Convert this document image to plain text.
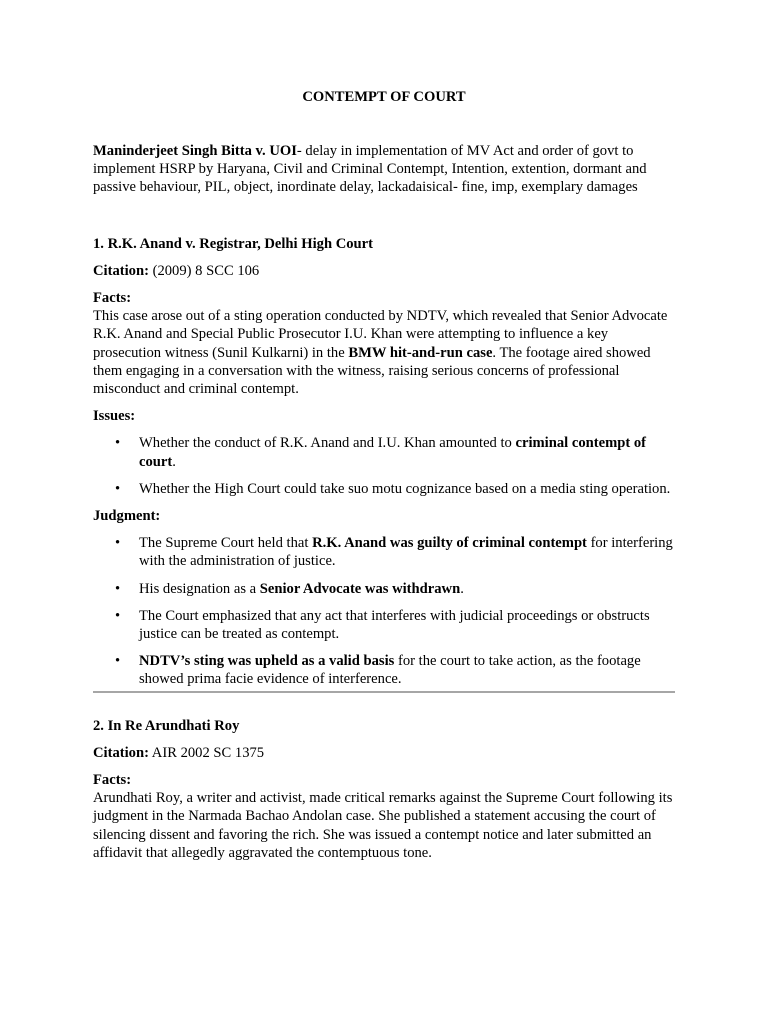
CONTEMPT OF COURT

Maninderjeet Singh Bitta v. UOI- delay in implementation of MV Act and order of govt to implement HSRP by Haryana, Civil and Criminal Contempt, Intention, extention, dormant and passive behaviour, PIL, object, inordinate delay, lackadaisical- fine, imp, exemplary damages

1. R.K. Anand v. Registrar, Delhi High Court

Citation: (2009) 8 SCC 106

Facts:

This case arose out of a sting operation conducted by NDTV, which revealed that Senior Advocate R.K. Anand and Special Public Prosecutor I.U. Khan were attempting to influence a key prosecution witness (Sunil Kulkarni) in the BMW hit-and-run case. The footage aired showed them engaging in a conversation with the witness, raising serious concerns of professional misconduct and criminal contempt.

Issues:

• Whether the conduct of R.K. Anand and I.U. Khan amounted to criminal contempt of court.
• Whether the High Court could take suo motu cognizance based on a media sting operation.

Judgment:

• The Supreme Court held that R.K. Anand was guilty of criminal contempt for interfering with the administration of justice.
• His designation as a Senior Advocate was withdrawn.
• The Court emphasized that any act that interferes with judicial proceedings or obstructs justice can be treated as contempt.
• NDTV’s sting was upheld as a valid basis for the court to take action, as the footage showed prima facie evidence of interference.

2. In Re Arundhati Roy

Citation: AIR 2002 SC 1375

Facts:

Arundhati Roy, a writer and activist, made critical remarks against the Supreme Court following its judgment in the Narmada Bachao Andolan case. She published a statement accusing the court of silencing dissent and favoring the rich. She was issued a contempt notice and later submitted an affidavit that allegedly aggravated the contemptuous tone.
